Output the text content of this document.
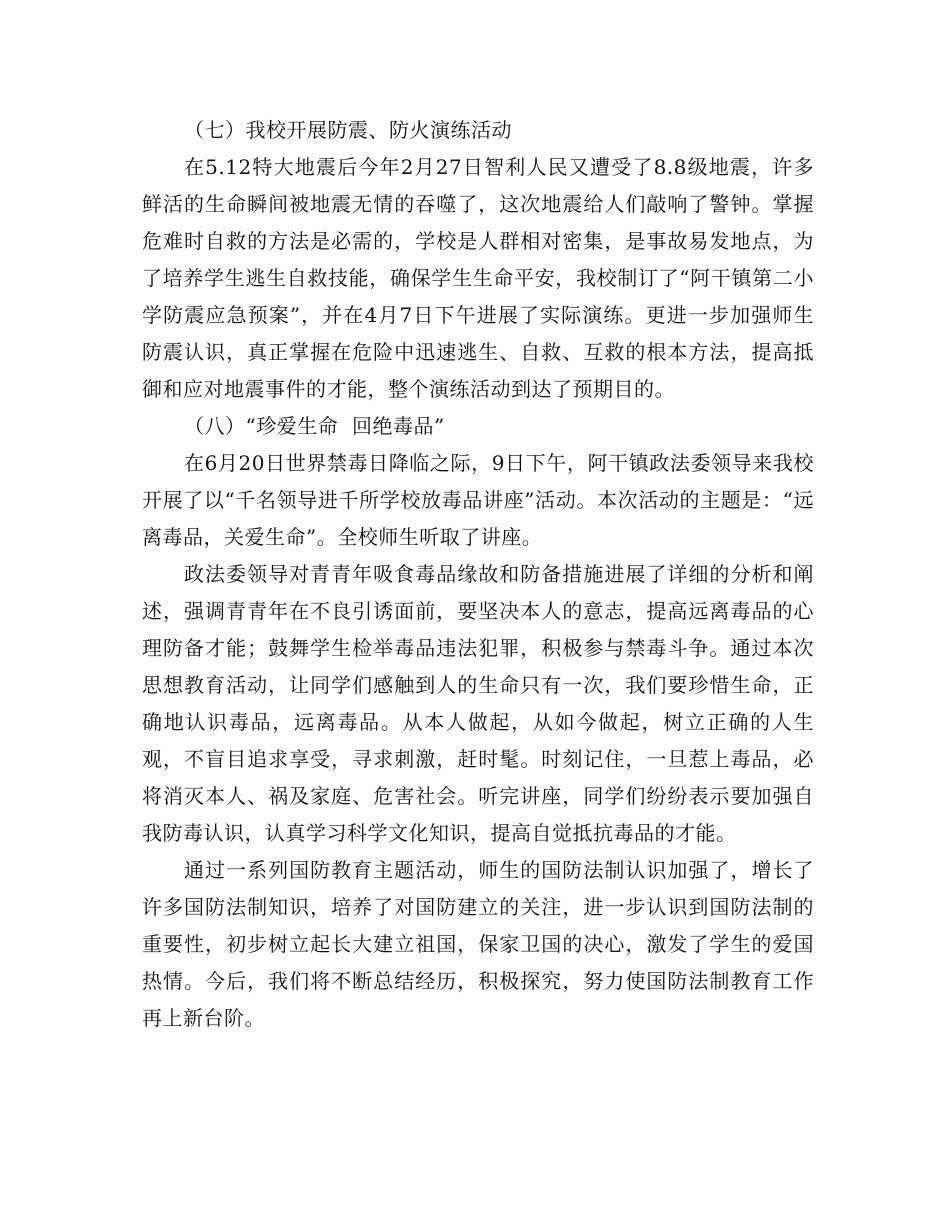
（七）我校开展防震、防火演练活动

在5.12特大地震后今年2月27日智利人民又遭受了8.8级地震，许多鲜活的生命瞬间被地震无情的吞噬了，这次地震给人们敲响了警钟。掌握危难时自救的方法是必需的，学校是人群相对密集，是事故易发地点，为了培养学生逃生自救技能，确保学生生命平安，我校制订了“阿干镇第二小学防震应急预案”，并在4月7日下午进展了实际演练。更进一步加强师生防震认识，真正掌握在危险中迅速逃生、自救、互救的根本方法，提高抵御和应对地震事件的才能，整个演练活动到达了预期目的。

（八）“珍爱生命  回绝毒品”

在6月20日世界禁毒日降临之际，9日下午，阿干镇政法委领导来我校开展了以“千名领导进千所学校放毒品讲座”活动。本次活动的主题是：“远离毒品，关爱生命”。全校师生听取了讲座。

政法委领导对青青年吸食毒品缘故和防备措施进展了详细的分析和阐述，强调青青年在不良引诱面前，要坚决本人的意志，提高远离毒品的心理防备才能；鼓舞学生检举毒品违法犯罪，积极参与禁毒斗争。通过本次思想教育活动，让同学们感触到人的生命只有一次，我们要珍惜生命，正确地认识毒品，远离毒品。从本人做起，从如今做起，树立正确的人生观，不盲目追求享受，寻求刺激，赶时髦。时刻记住，一旦惹上毒品，必将消灭本人、祸及家庭、危害社会。听完讲座，同学们纷纷表示要加强自我防毒认识，认真学习科学文化知识，提高自觉抵抗毒品的才能。

通过一系列国防教育主题活动，师生的国防法制认识加强了，增长了许多国防法制知识，培养了对国防建立的关注，进一步认识到国防法制的重要性，初步树立起长大建立祖国，保家卫国的决心，激发了学生的爱国热情。今后，我们将不断总结经历，积极探究，努力使国防法制教育工作再上新台阶。
